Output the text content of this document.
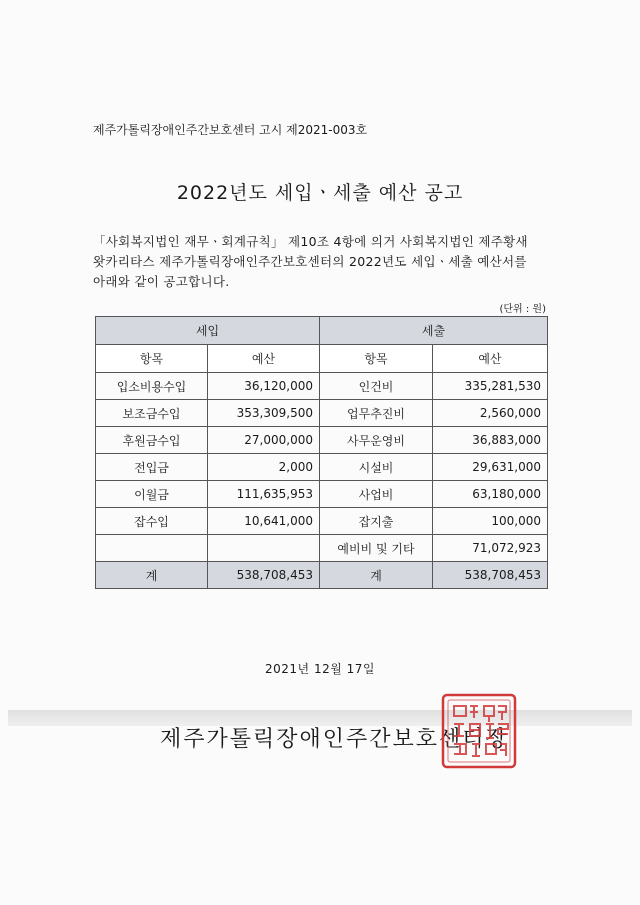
제주가톨릭장애인주간보호센터 고시 제2021-003호
2022년도 세입ㆍ세출 예산 공고

「사회복지법인 재무ㆍ회계규칙」 제10조 4항에 의거 사회복지법인 제주황새

왓카리타스 제주가톨릭장애인주간보호센터의 2022년도 세입ㆍ세출 예산서를

아래와 같이 공고합니다.

(단위 : 원)
세입		세출	
항목	예산	항목	예산
입소비용수입	36,120,000	인건비	335,281,530
보조금수입	353,309,500	업무추진비	2,560,000
후원금수입	27,000,000	사무운영비	36,883,000
전입금	2,000	시설비	29,631,000
이월금	111,635,953	사업비	63,180,000
잡수입	10,641,000	잡지출	100,000
		예비비 및 기타	71,072,923
계	538,708,453	계	538,708,453
2021년 12월 17일
제주가톨릭장애인주간보호센터장
